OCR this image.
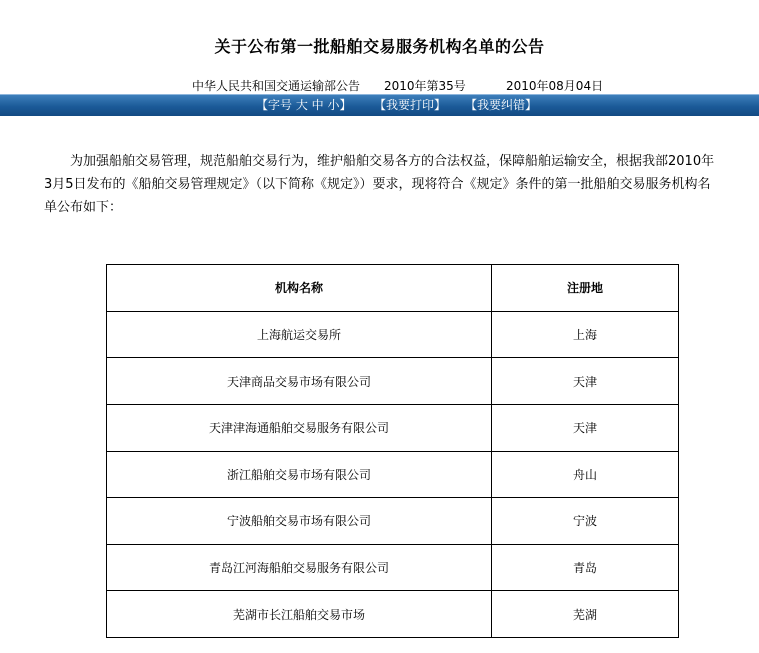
关于公布第一批船舶交易服务机构名单的公告
中华人民共和国交通运输部公告 2010年第35号	2010年08月04日
【字号 大 中 小】 【我要打印】 【我要纠错】
为加强船舶交易管理，规范船舶交易行为，维护船舶交易各方的合法权益，保障船舶运输安全，根据我部2010年3月5日发布的《船舶交易管理规定》（以下简称《规定》）要求，现将符合《规定》条件的第一批船舶交易服务机构名单公布如下：
机构名称	注册地
上海航运交易所	上海
天津商品交易市场有限公司	天津
天津津海通船舶交易服务有限公司	天津
浙江船舶交易市场有限公司	舟山
宁波船舶交易市场有限公司	宁波
青岛江河海船舶交易服务有限公司	青岛
芜湖市长江船舶交易市场	芜湖
